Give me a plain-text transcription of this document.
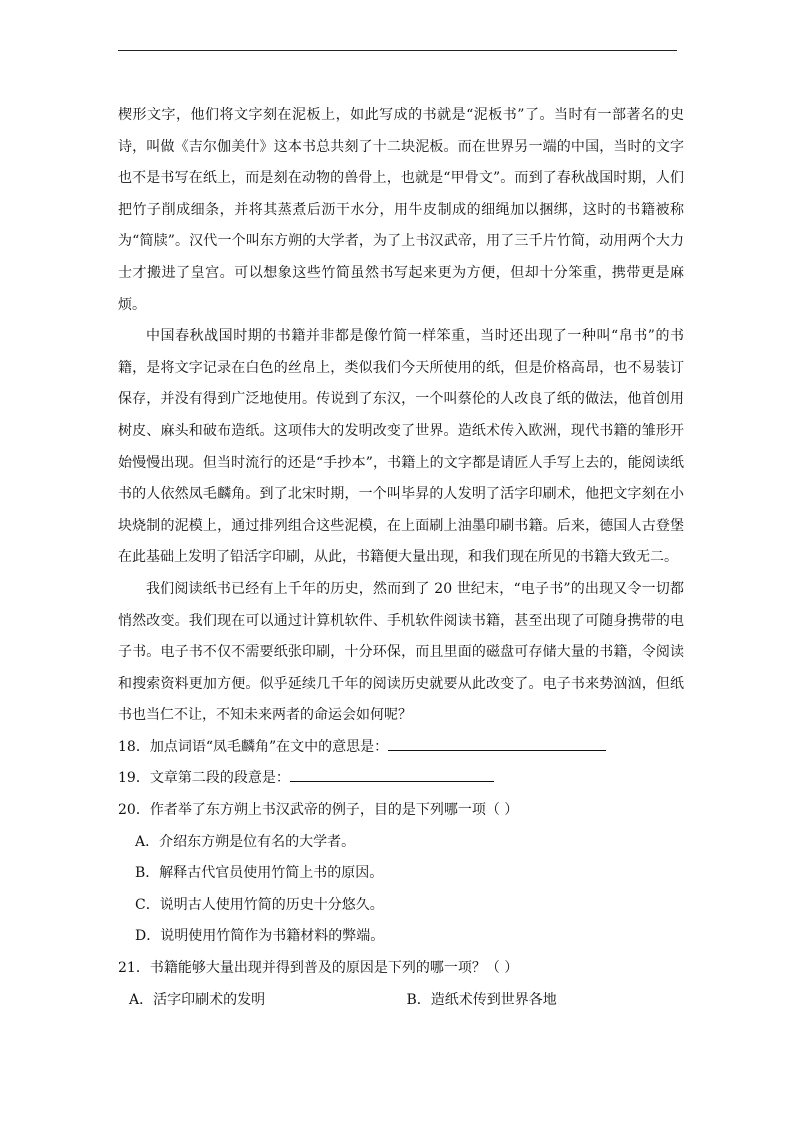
楔形文字，他们将文字刻在泥板上，如此写成的书就是“泥板书”了。当时有一部著名的史诗，叫做《吉尔伽美什》这本书总共刻了十二块泥板。而在世界另一端的中国，当时的文字也不是书写在纸上，而是刻在动物的兽骨上，也就是“甲骨文”。而到了春秋战国时期，人们把竹子削成细条，并将其蒸煮后沥干水分，用牛皮制成的细绳加以捆绑，这时的书籍被称为“简牍”。汉代一个叫东方朔的大学者，为了上书汉武帝，用了三千片竹简，动用两个大力士才搬进了皇宫。可以想象这些竹简虽然书写起来更为方便，但却十分笨重，携带更是麻烦。

中国春秋战国时期的书籍并非都是像竹简一样笨重，当时还出现了一种叫“帛书”的书籍，是将文字记录在白色的丝帛上，类似我们今天所使用的纸，但是价格高昂，也不易装订保存，并没有得到广泛地使用。传说到了东汉，一个叫蔡伦的人改良了纸的做法，他首创用树皮、麻头和破布造纸。这项伟大的发明改变了世界。造纸术传入欧洲，现代书籍的雏形开始慢慢出现。但当时流行的还是“手抄本”，书籍上的文字都是请匠人手写上去的，能阅读纸书的人依然凤毛麟角。到了北宋时期，一个叫毕昇的人发明了活字印刷术，他把文字刻在小块烧制的泥模上，通过排列组合这些泥模，在上面刷上油墨印刷书籍。后来，德国人古登堡在此基础上发明了铅活字印刷，从此，书籍便大量出现，和我们现在所见的书籍大致无二。

我们阅读纸书已经有上千年的历史，然而到了 20 世纪末，“电子书”的出现又令一切都悄然改变。我们现在可以通过计算机软件、手机软件阅读书籍，甚至出现了可随身携带的电子书。电子书不仅不需要纸张印刷，十分环保，而且里面的磁盘可存储大量的书籍，令阅读和搜索资料更加方便。似乎延续几千年的阅读历史就要从此改变了。电子书来势汹汹，但纸书也当仁不让，不知未来两者的命运会如何呢？

18．加点词语“凤毛麟角”在文中的意思是：

19．文章第二段的段意是：

20．作者举了东方朔上书汉武帝的例子，目的是下列哪一项（ ）

A．介绍东方朔是位有名的大学者。

B．解释古代官员使用竹简上书的原因。

C．说明古人使用竹简的历史十分悠久。

D．说明使用竹简作为书籍材料的弊端。

21．书籍能够大量出现并得到普及的原因是下列的哪一项？（ ）

A．活字印刷术的发明	B．造纸术传到世界各地
